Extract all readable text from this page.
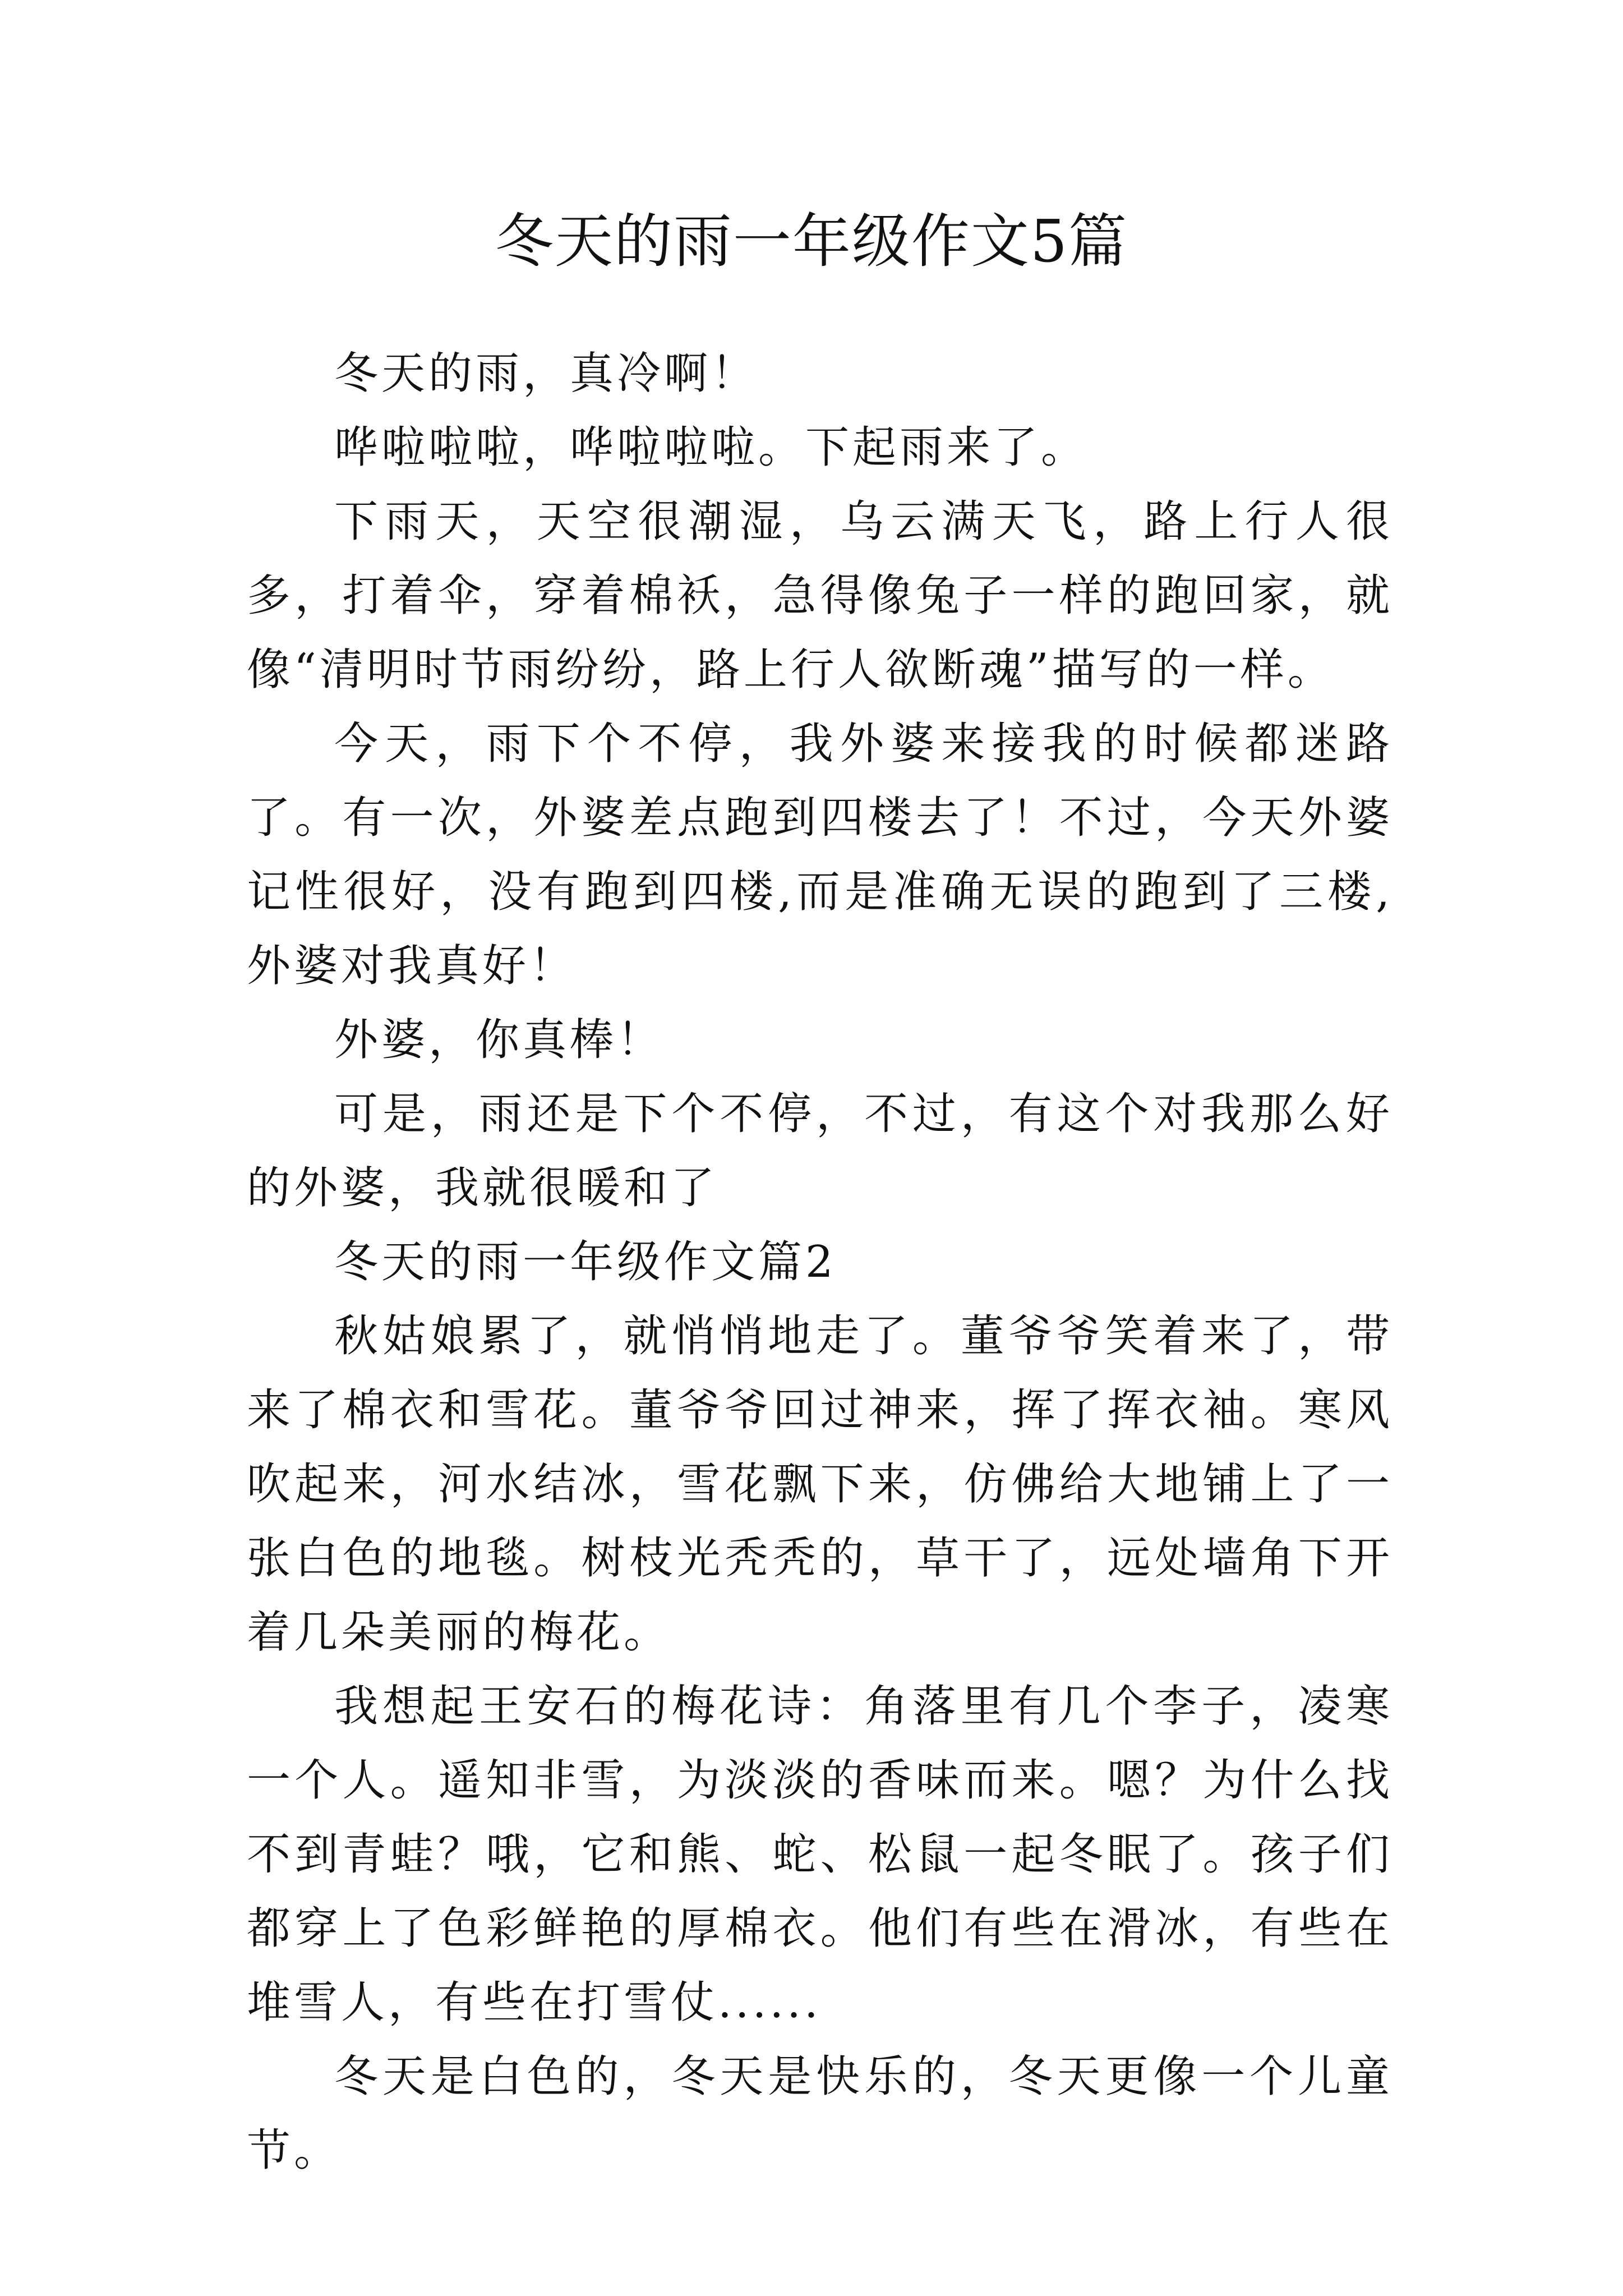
冬天的雨一年级作文5篇

冬天的雨，真冷啊！

哗啦啦啦，哗啦啦啦。下起雨来了。

下雨天，天空很潮湿，乌云满天飞，路上行人很多，打着伞，穿着棉袄，急得像兔子一样的跑回家，就像“清明时节雨纷纷，路上行人欲断魂”描写的一样。

今天，雨下个不停，我外婆来接我的时候都迷路了。有一次，外婆差点跑到四楼去了！不过，今天外婆记性很好，没有跑到四楼,而是准确无误的跑到了三楼,外婆对我真好！

外婆，你真棒！

可是，雨还是下个不停，不过，有这个对我那么好的外婆，我就很暖和了

冬天的雨一年级作文篇2

秋姑娘累了，就悄悄地走了。董爷爷笑着来了，带来了棉衣和雪花。董爷爷回过神来，挥了挥衣袖。寒风吹起来，河水结冰，雪花飘下来，仿佛给大地铺上了一张白色的地毯。树枝光秃秃的，草干了，远处墙角下开着几朵美丽的梅花。

我想起王安石的梅花诗：角落里有几个李子，凌寒一个人。遥知非雪，为淡淡的香味而来。嗯？为什么找不到青蛙？哦，它和熊、蛇、松鼠一起冬眠了。孩子们都穿上了色彩鲜艳的厚棉衣。他们有些在滑冰，有些在堆雪人，有些在打雪仗......

冬天是白色的，冬天是快乐的，冬天更像一个儿童节。
